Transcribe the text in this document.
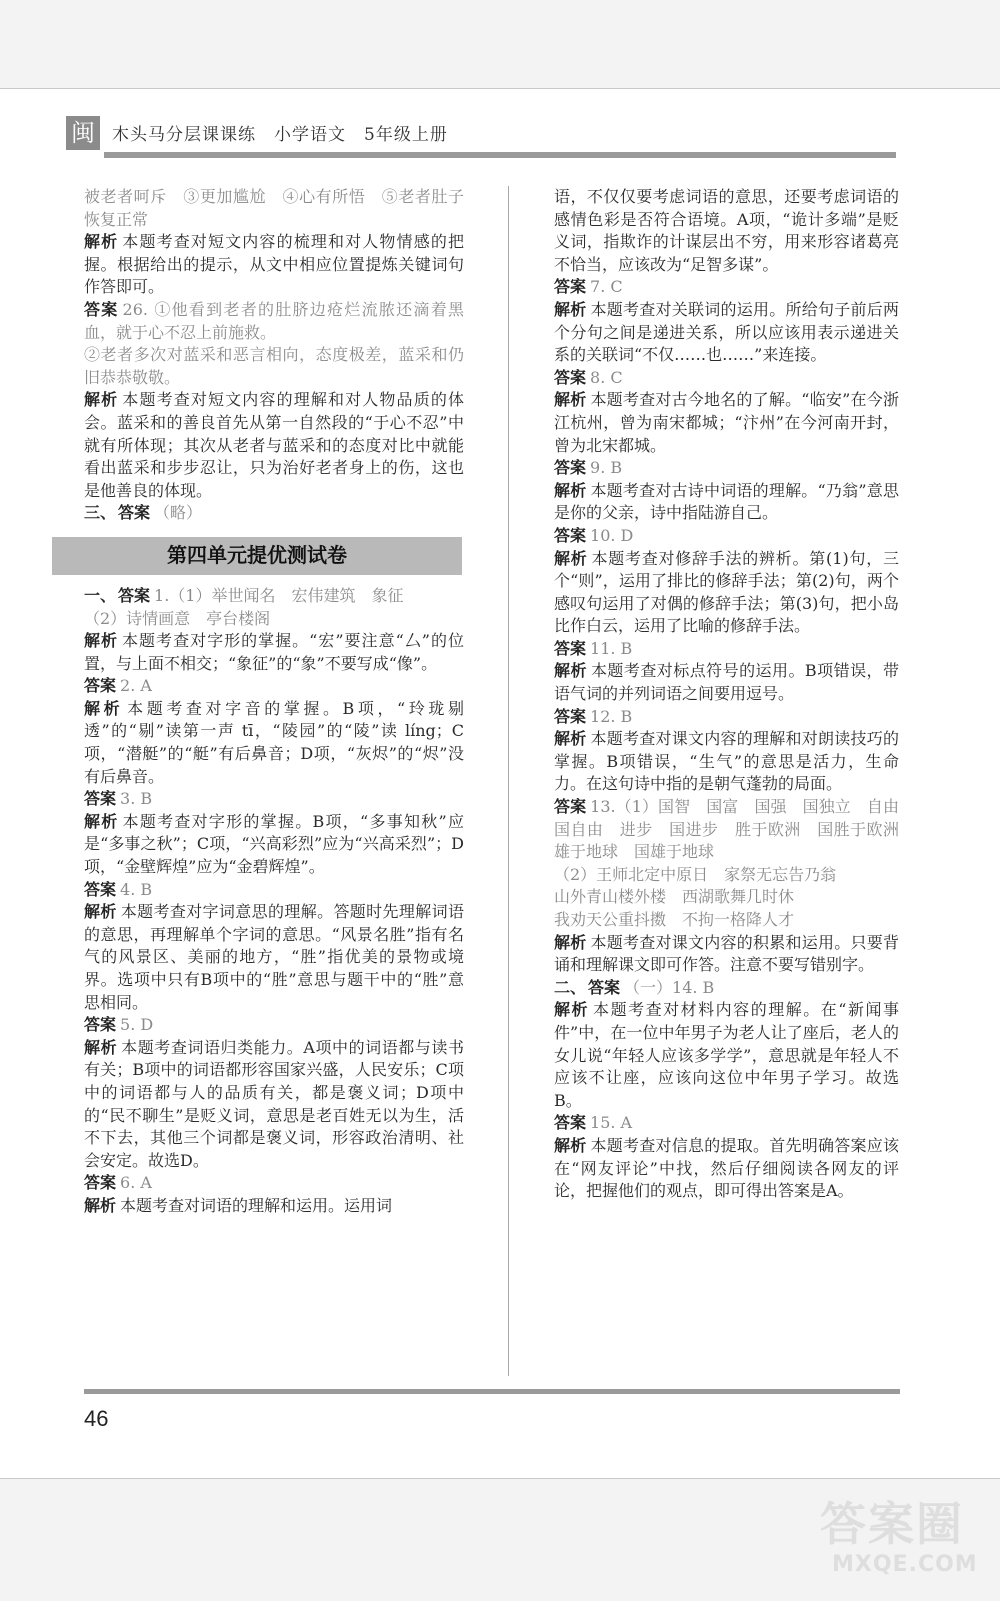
闽 木头马分层课课练　小学语文　5年级上册
被老者呵斥　③更加尴尬　④心有所悟　⑤老者肚子恢复正常
解析 本题考查对短文内容的梳理和对人物情感的把握。根据给出的提示，从文中相应位置提炼关键词句作答即可。
答案 26. ①他看到老者的肚脐边疮烂流脓还滴着黑血，就于心不忍上前施救。
②老者多次对蓝采和恶言相向，态度极差，蓝采和仍旧恭恭敬敬。
解析 本题考查对短文内容的理解和对人物品质的体会。蓝采和的善良首先从第一自然段的“于心不忍”中就有所体现；其次从老者与蓝采和的态度对比中就能看出蓝采和步步忍让，只为治好老者身上的伤，这也是他善良的体现。
三、 答案 （略）
第四单元提优测试卷
一、 答案 1.（1）举世闻名　宏伟建筑　象征
（2）诗情画意　亭台楼阁
解析 本题考查对字形的掌握。“宏”要注意“厶”的位置，与上面不相交；“象征”的“象”不要写成“像”。
答案 2. A
解析 本题考查对字音的掌握。B项，“玲珑剔透”的“剔”读第一声 tī，“陵园”的“陵”读 líng；C项，“潜艇”的“艇”有后鼻音；D项，“灰烬”的“烬”没有后鼻音。
答案 3. B
解析 本题考查对字形的掌握。B项，“多事知秋”应是“多事之秋”；C项，“兴高彩烈”应为“兴高采烈”；D项，“金壁辉煌”应为“金碧辉煌”。
答案 4. B
解析 本题考查对字词意思的理解。答题时先理解词语的意思，再理解单个字词的意思。“风景名胜”指有名气的风景区、美丽的地方，“胜”指优美的景物或境界。选项中只有B项中的“胜”意思与题干中的“胜”意思相同。
答案 5. D
解析 本题考查词语归类能力。A项中的词语都与读书有关；B项中的词语都形容国家兴盛，人民安乐；C项中的词语都与人的品质有关，都是褒义词；D项中的“民不聊生”是贬义词，意思是老百姓无以为生，活不下去，其他三个词都是褒义词，形容政治清明、社会安定。故选D。
答案 6. A
解析 本题考查对词语的理解和运用。运用词
语，不仅仅要考虑词语的意思，还要考虑词语的感情色彩是否符合语境。A项，“诡计多端”是贬义词，指欺诈的计谋层出不穷，用来形容诸葛亮不恰当，应该改为“足智多谋”。
答案 7. C
解析 本题考查对关联词的运用。所给句子前后两个分句之间是递进关系，所以应该用表示递进关系的关联词“不仅……也……”来连接。
答案 8. C
解析 本题考查对古今地名的了解。“临安”在今浙江杭州，曾为南宋都城；“汴州”在今河南开封，曾为北宋都城。
答案 9. B
解析 本题考查对古诗中词语的理解。“乃翁”意思是你的父亲，诗中指陆游自己。
答案 10. D
解析 本题考查对修辞手法的辨析。第(1)句，三个“则”，运用了排比的修辞手法；第(2)句，两个感叹句运用了对偶的修辞手法；第(3)句，把小岛比作白云，运用了比喻的修辞手法。
答案 11. B
解析 本题考查对标点符号的运用。B项错误，带语气词的并列词语之间要用逗号。
答案 12. B
解析 本题考查对课文内容的理解和对朗读技巧的掌握。B项错误，“生气”的意思是活力，生命力。在这句诗中指的是朝气蓬勃的局面。
答案 13.（1）国智　国富　国强　国独立　自由　国自由　进步　国进步　胜于欧洲　国胜于欧洲　雄于地球　国雄于地球
（2）王师北定中原日　家祭无忘告乃翁
山外青山楼外楼　西湖歌舞几时休
我劝天公重抖擞　不拘一格降人才
解析 本题考查对课文内容的积累和运用。只要背诵和理解课文即可作答。注意不要写错别字。
二、 答案 （一）14. B
解析 本题考查对材料内容的理解。在“新闻事件”中，在一位中年男子为老人让了座后，老人的女儿说“年轻人应该多学学”，意思就是年轻人不应该不让座，应该向这位中年男子学习。故选B。
答案 15. A
解析 本题考查对信息的提取。首先明确答案应该在“网友评论”中找，然后仔细阅读各网友的评论，把握他们的观点，即可得出答案是A。
46
答案圈
MXQE.COM
